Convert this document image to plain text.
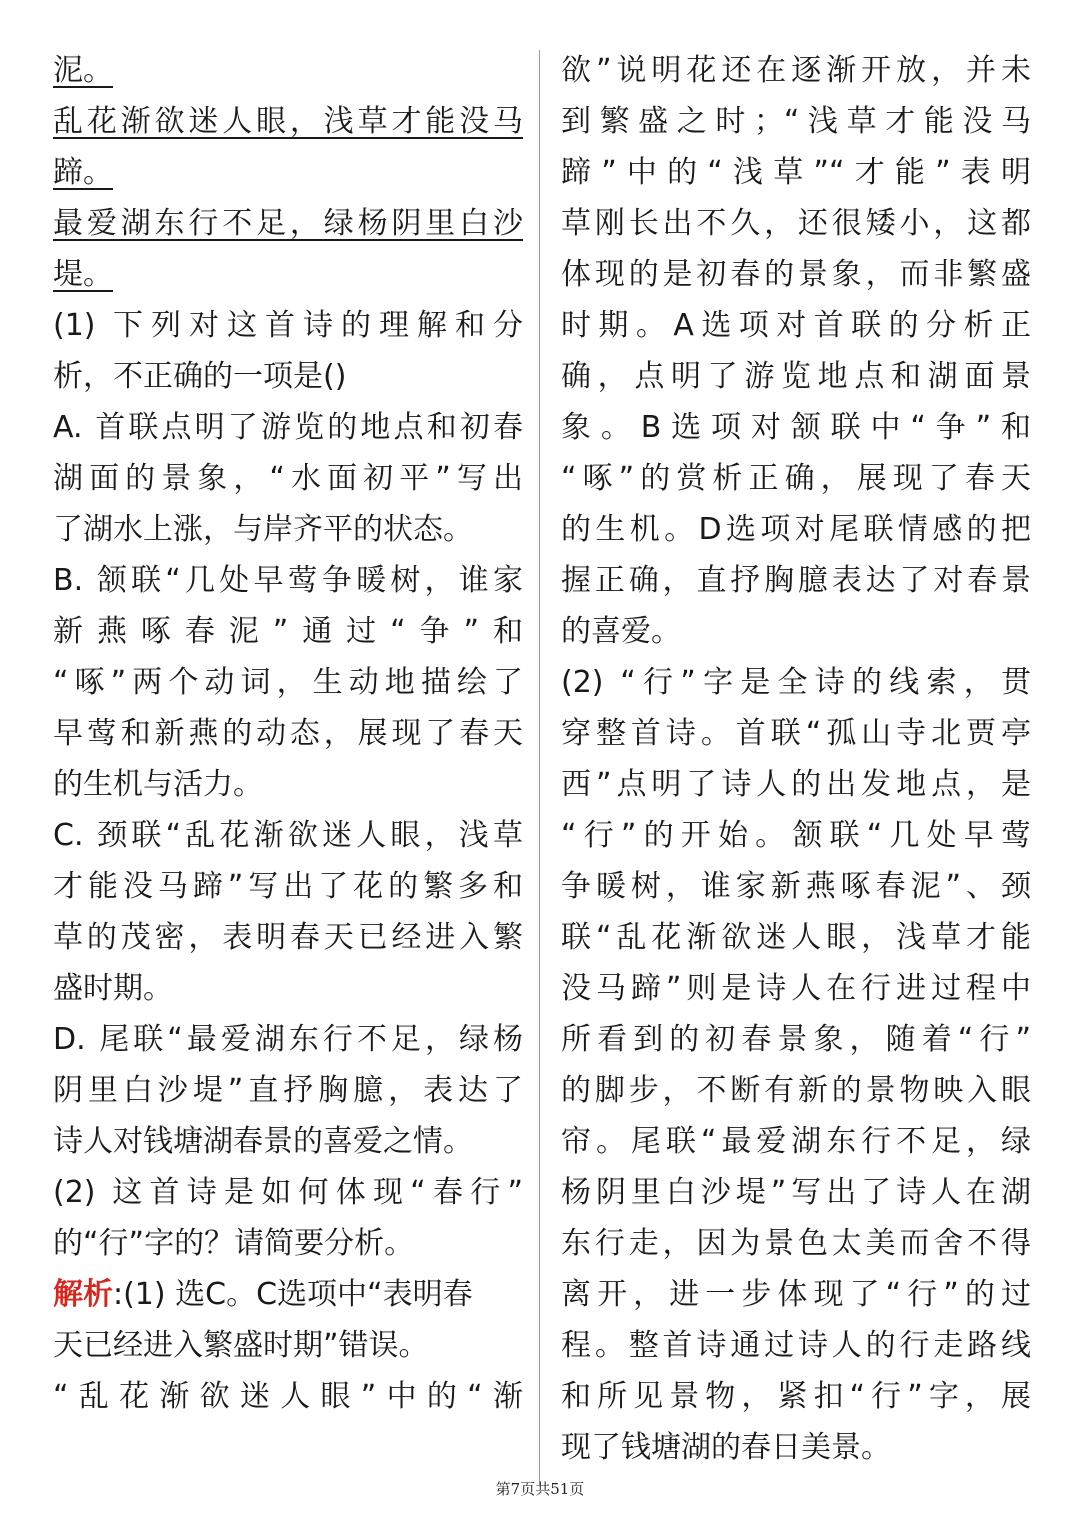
泥。
乱花渐欲迷人眼，浅草才能没马
蹄。
最爱湖东行不足，绿杨阴里白沙
堤。
(1) 下列对这首诗的理解和分
析，不正确的一项是()
A. 首联点明了游览的地点和初春
湖面的景象，“水面初平”写出
了湖水上涨，与岸齐平的状态。
B. 颔联“几处早莺争暖树，谁家
新燕啄春泥”通过“争”和
“啄”两个动词，生动地描绘了
早莺和新燕的动态，展现了春天
的生机与活力。
C. 颈联“乱花渐欲迷人眼，浅草
才能没马蹄”写出了花的繁多和
草的茂密，表明春天已经进入繁
盛时期。
D. 尾联“最爱湖东行不足，绿杨
阴里白沙堤”直抒胸臆，表达了
诗人对钱塘湖春景的喜爱之情。
(2) 这首诗是如何体现“春行”
的“行”字的？请简要分析。
解析:(1) 选C。C选项中“表明春
天已经进入繁盛时期”错误。
“乱花渐欲迷人眼”中的“渐
欲”说明花还在逐渐开放，并未
到繁盛之时；“浅草才能没马
蹄”中的“浅草”“才能”表明
草刚长出不久，还很矮小，这都
体现的是初春的景象，而非繁盛
时期。A选项对首联的分析正
确，点明了游览地点和湖面景
象。B选项对颔联中“争”和
“啄”的赏析正确，展现了春天
的生机。D选项对尾联情感的把
握正确，直抒胸臆表达了对春景
的喜爱。
(2) “行”字是全诗的线索，贯
穿整首诗。首联“孤山寺北贾亭
西”点明了诗人的出发地点，是
“行”的开始。颔联“几处早莺
争暖树，谁家新燕啄春泥”、颈
联“乱花渐欲迷人眼，浅草才能
没马蹄”则是诗人在行进过程中
所看到的初春景象，随着“行”
的脚步，不断有新的景物映入眼
帘。尾联“最爱湖东行不足，绿
杨阴里白沙堤”写出了诗人在湖
东行走，因为景色太美而舍不得
离开，进一步体现了“行”的过
程。整首诗通过诗人的行走路线
和所见景物，紧扣“行”字，展
现了钱塘湖的春日美景。
第7页共51页
